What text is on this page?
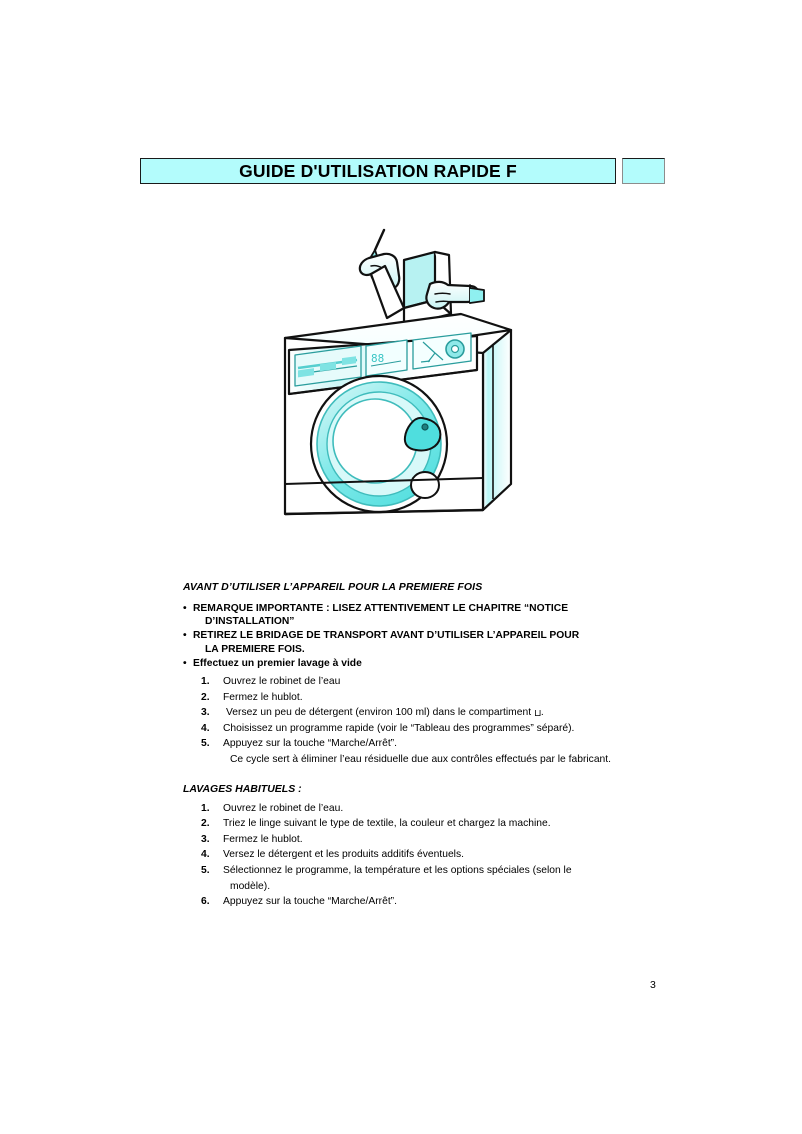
GUIDE D'UTILISATION RAPIDE F
88
AVANT D’UTILISER L’APPAREIL POUR LA PREMIERE FOIS
• REMARQUE IMPORTANTE : LISEZ ATTENTIVEMENT LE CHAPITRE “NOTICE
D’INSTALLATION”
• RETIREZ LE BRIDAGE DE TRANSPORT AVANT D’UTILISER L’APPAREIL POUR
LA PREMIERE FOIS.
• Effectuez un premier lavage à vide
1. Ouvrez le robinet de l’eau
2. Fermez le hublot.
3. Versez un peu de détergent (environ 100 ml) dans le compartiment ⊔.
4. Choisissez un programme rapide (voir le “Tableau des programmes” séparé).
5. Appuyez sur la touche “Marche/Arrêt”.
Ce cycle sert à éliminer l’eau résiduelle due aux contrôles effectués par le fabricant.
LAVAGES HABITUELS :
1. Ouvrez le robinet de l’eau.
2. Triez le linge suivant le type de textile, la couleur et chargez la machine.
3. Fermez le hublot.
4. Versez le détergent et les produits additifs éventuels.
5. Sélectionnez le programme, la température et les options spéciales (selon le
modèle).
6. Appuyez sur la touche “Marche/Arrêt”.
3
